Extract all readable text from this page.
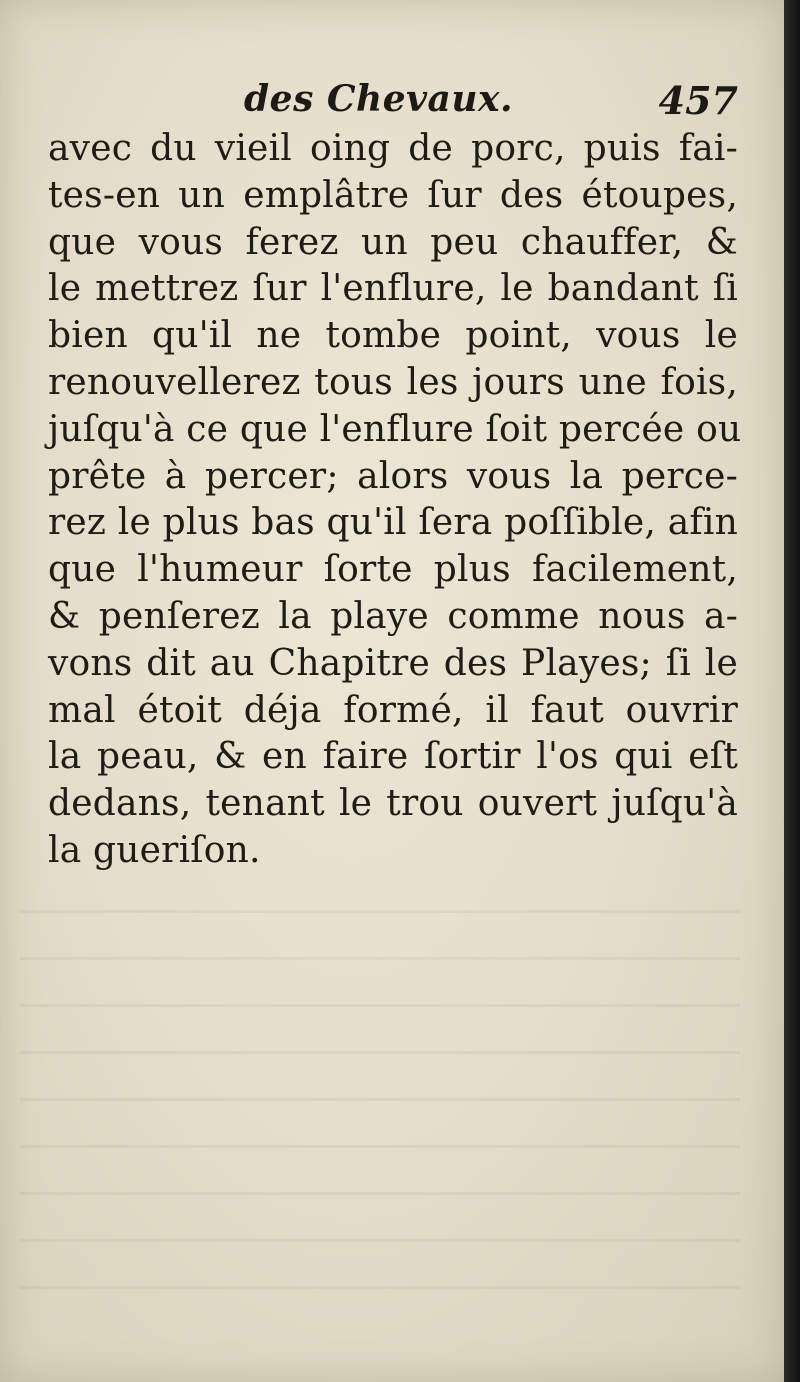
des Chevaux.	457
avec du vieil oing de porc, puis fai-
tes-en un emplâtre ſur des étoupes,
que vous ferez un peu chauffer, &
le mettrez ſur l'enflure, le bandant ſi
bien qu'il ne tombe point, vous le
renouvellerez tous les jours une fois,
juſqu'à ce que l'enflure ſoit percée ou
prête à percer; alors vous la perce-
rez le plus bas qu'il ſera poſſible, afin
que l'humeur ſorte plus facilement,
& penſerez la playe comme nous a-
vons dit au Chapitre des Playes; ſi le
mal étoit déja formé, il faut ouvrir
la peau, & en faire ſortir l'os qui eſt
dedans, tenant le trou ouvert juſqu'à
la gueriſon.
